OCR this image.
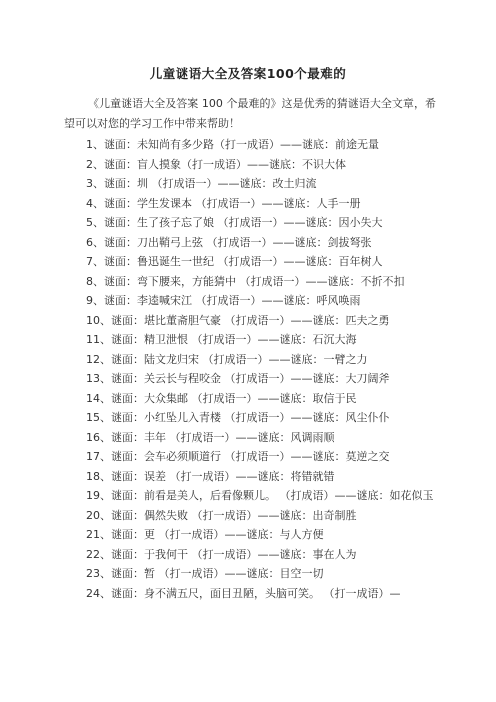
儿童谜语大全及答案100个最难的
《儿童谜语大全及答案 100 个最难的》这是优秀的猜谜语大全文章，希望可以对您的学习工作中带来帮助！
1、谜面：未知尚有多少路（打一成语）——谜底：前途无量
2、谜面：盲人摸象（打一成语）——谜底：不识大体
3、谜面：圳 （打成语一）——谜底：改土归流
4、谜面：学生发课本 （打成语一）——谜底：人手一册
5、谜面：生了孩子忘了娘 （打成语一）——谜底：因小失大
6、谜面：刀出鞘弓上弦 （打成语一）——谜底：剑拔弩张
7、谜面：鲁迅诞生一世纪 （打成语一）——谜底：百年树人
8、谜面：弯下腰来，方能猜中 （打成语一）——谜底：不折不扣
9、谜面：李逵喊宋江 （打成语一）——谜底：呼风唤雨
10、谜面：堪比董斋胆气豪 （打成语一）——谜底：匹夫之勇
11、谜面：精卫泄恨 （打成语一）——谜底：石沉大海
12、谜面：陆文龙归宋 （打成语一）——谜底：一臂之力
13、谜面：关云长与程咬金 （打成语一）——谜底：大刀阔斧
14、谜面：大众集邮 （打成语一）——谜底：取信于民
15、谜面：小红坠儿入青楼 （打成语一）——谜底：风尘仆仆
16、谜面：丰年 （打成语一）——谜底：风调雨顺
17、谜面：会车必须顺道行 （打成语一）——谜底：莫逆之交
18、谜面：误差 （打一成语）——谜底：将错就错
19、谜面：前看是美人，后看像颗儿。 （打成语）——谜底：如花似玉
20、谜面：偶然失败 （打一成语）——谜底：出奇制胜
21、谜面：更 （打一成语）——谜底：与人方便
22、谜面：于我何干 （打一成语）——谜底：事在人为
23、谜面：暂 （打一成语）——谜底：目空一切
24、谜面：身不满五尺，面目丑陋，头脑可笑。 （打一成语）—
